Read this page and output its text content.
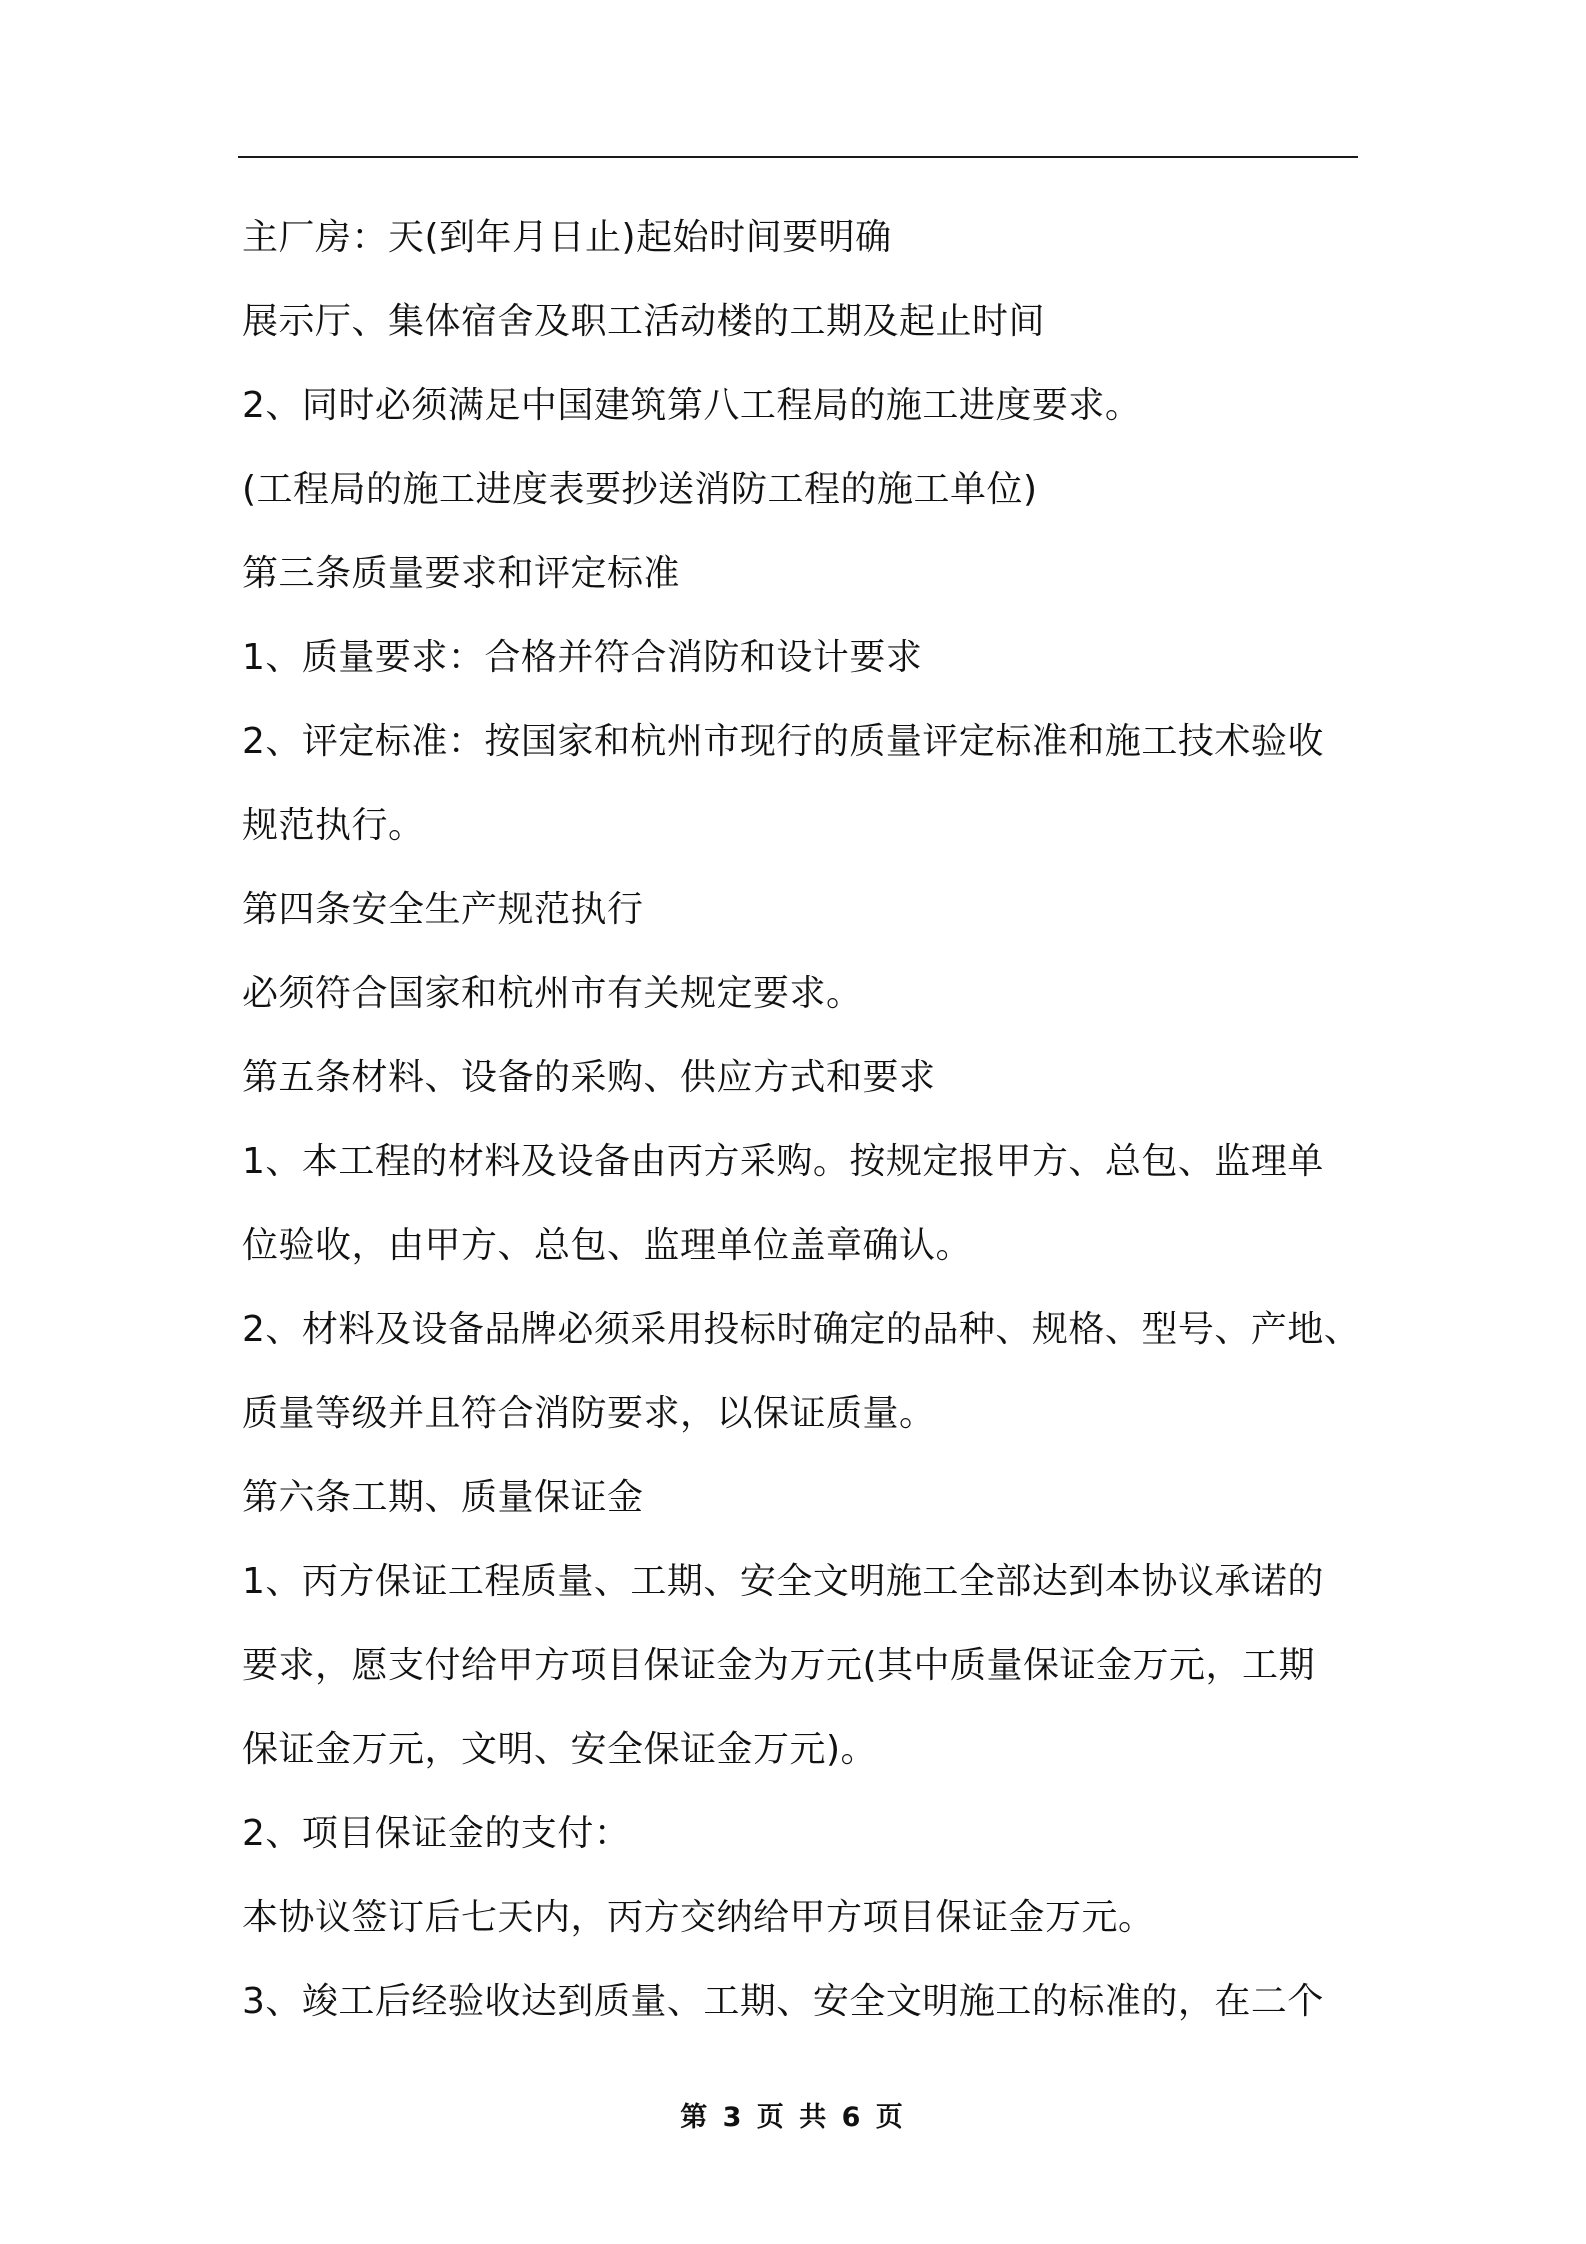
主厂房：天(到年月日止)起始时间要明确
展示厅、集体宿舍及职工活动楼的工期及起止时间
2、同时必须满足中国建筑第八工程局的施工进度要求。
(工程局的施工进度表要抄送消防工程的施工单位)
第三条质量要求和评定标准
1、质量要求：合格并符合消防和设计要求
2、评定标准：按国家和杭州市现行的质量评定标准和施工技术验收
规范执行。
第四条安全生产规范执行
必须符合国家和杭州市有关规定要求。
第五条材料、设备的采购、供应方式和要求
1、本工程的材料及设备由丙方采购。按规定报甲方、总包、监理单
位验收，由甲方、总包、监理单位盖章确认。
2、材料及设备品牌必须采用投标时确定的品种、规格、型号、产地、
质量等级并且符合消防要求，以保证质量。
第六条工期、质量保证金
1、丙方保证工程质量、工期、安全文明施工全部达到本协议承诺的
要求，愿支付给甲方项目保证金为万元(其中质量保证金万元，工期
保证金万元，文明、安全保证金万元)。
2、项目保证金的支付：
本协议签订后七天内，丙方交纳给甲方项目保证金万元。
3、竣工后经验收达到质量、工期、安全文明施工的标准的，在二个
第 3 页 共 6 页
